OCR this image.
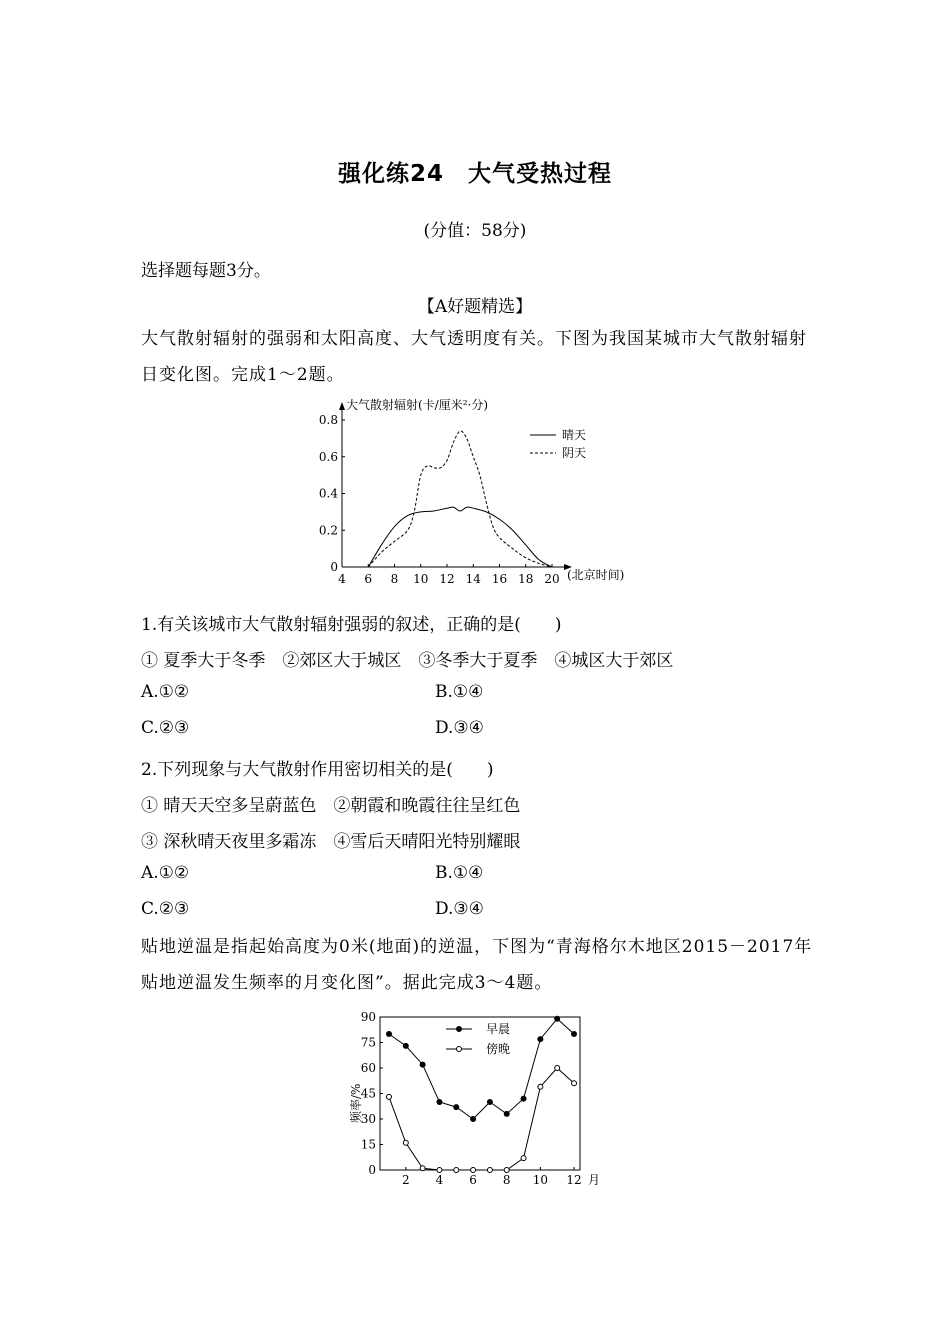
强化练24　大气受热过程
(分值：58分)
选择题每题3分。
【A好题精选】
大气散射辐射的强弱和太阳高度、大气透明度有关。下图为我国某城市大气散射辐射日变化图。完成1～2题。
4 6 8 10 12 14 16 18 20
0
0.2
0.4
0.6
0.8
大气散射辐射(卡/厘米²·分)
(北京时间)
晴天
阴天
1.有关该城市大气散射辐射强弱的叙述，正确的是(　　)
① 夏季大于冬季　②郊区大于城区　③冬季大于夏季　④城区大于郊区
A.①②	B.①④
C.②③	D.③④
2.下列现象与大气散射作用密切相关的是(　　)
① 晴天天空多呈蔚蓝色　②朝霞和晚霞往往呈红色
③ 深秋晴天夜里多霜冻　④雪后天晴阳光特别耀眼
A.①②	B.①④
C.②③	D.③④
贴地逆温是指起始高度为0米(地面)的逆温，下图为“青海格尔木地区2015－2017年贴地逆温发生频率的月变化图”。据此完成3～4题。
2 4 6 8 10 12
0
15
30
45
60
75
90
频率/%
月
早晨
傍晚
